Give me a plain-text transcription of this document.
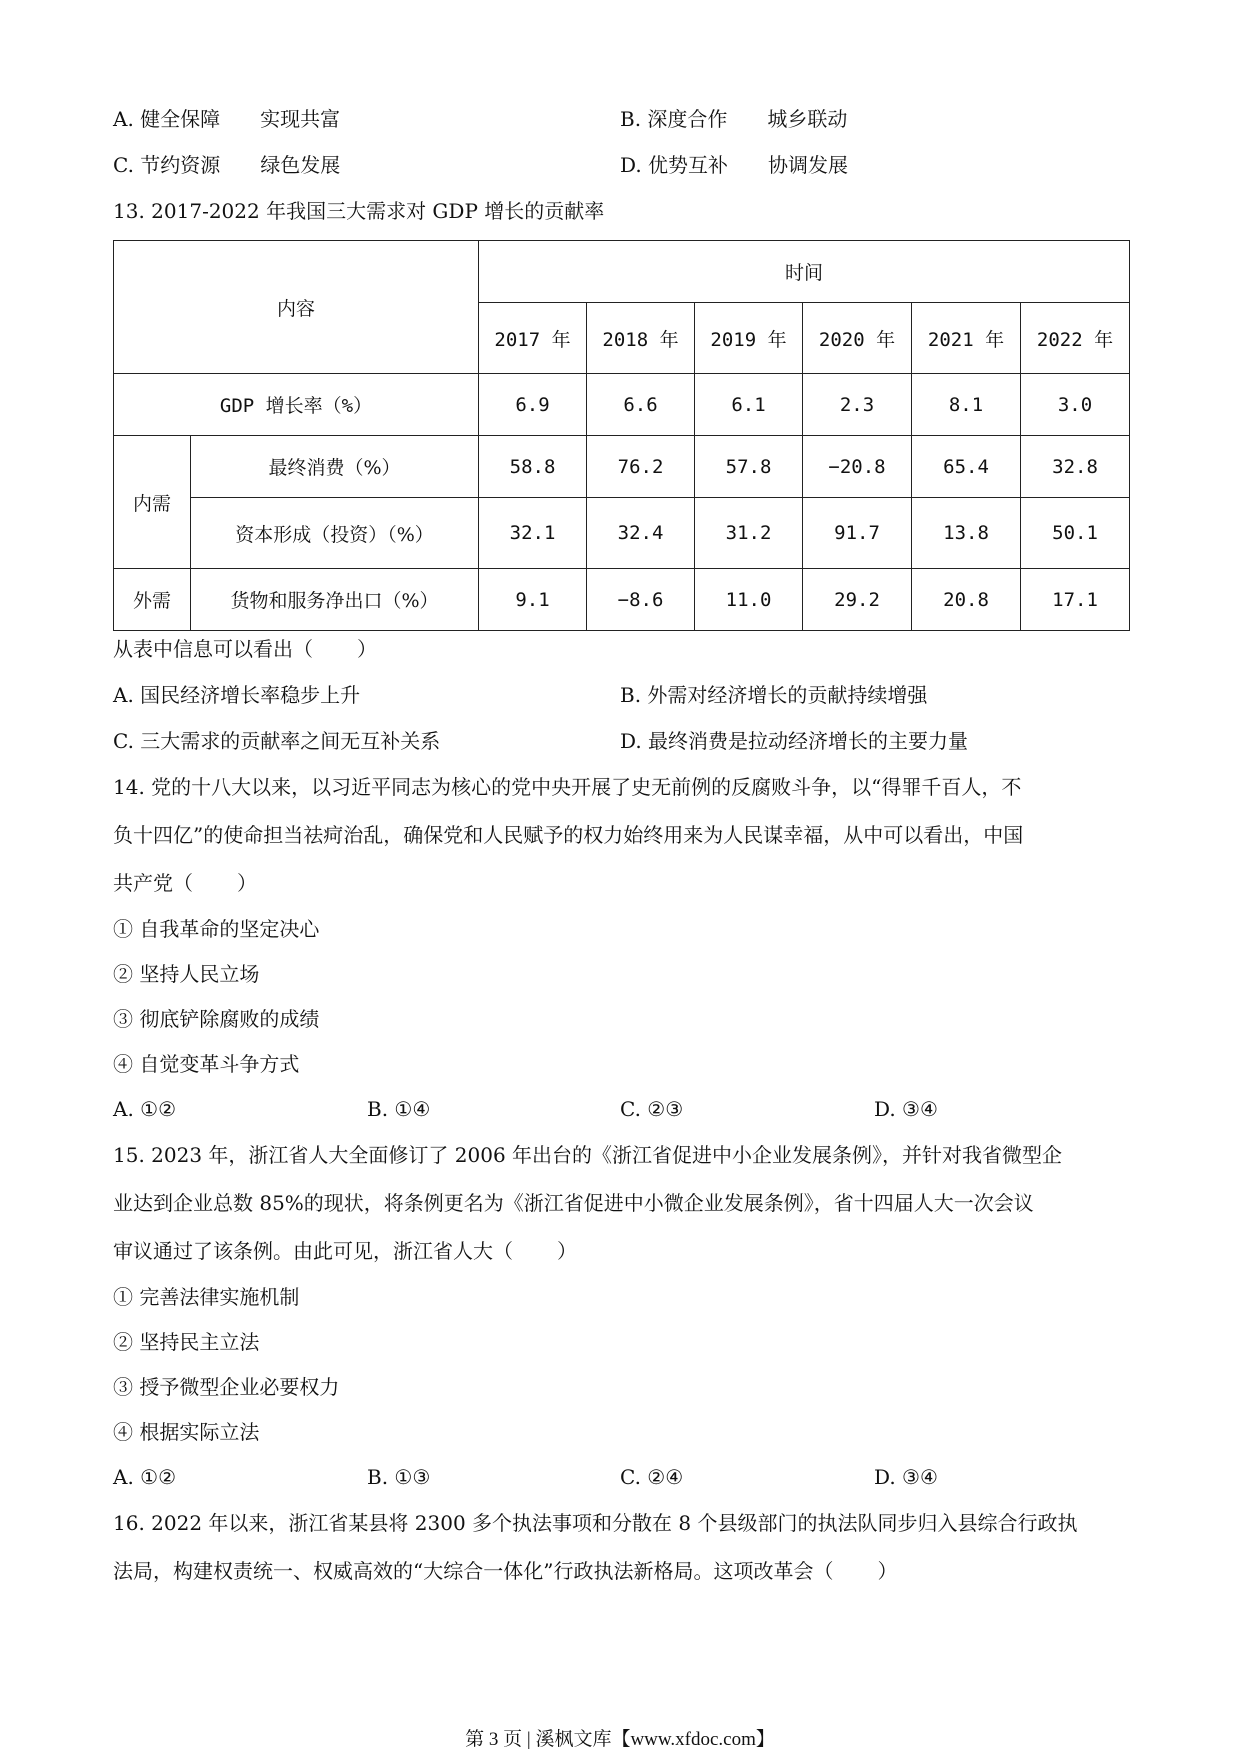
A. 健全保障 实现共富	B. 深度合作 城乡联动
C. 节约资源 绿色发展	D. 优势互补 协调发展
13. 2017-2022 年我国三大需求对 GDP 增长的贡献率
内容		时间					
		2017 年	2018 年	2019 年	2020 年	2021 年	2022 年
GDP 增长率（%）		6.9	6.6	6.1	2.3	8.1	3.0
内需	最终消费（%）	58.8	76.2	57.8	−20.8	65.4	32.8
	资本形成（投资）（%）	32.1	32.4	31.2	91.7	13.8	50.1
外需	货物和服务净出口（%）	9.1	−8.6	11.0	29.2	20.8	17.1
从表中信息可以看出（ ）
A. 国民经济增长率稳步上升	B. 外需对经济增长的贡献持续增强
C. 三大需求的贡献率之间无互补关系	D. 最终消费是拉动经济增长的主要力量
14. 党的十八大以来，以习近平同志为核心的党中央开展了史无前例的反腐败斗争，以“得罪千百人，不
负十四亿”的使命担当祛疴治乱，确保党和人民赋予的权力始终用来为人民谋幸福，从中可以看出，中国
共产党（ ）
① 自我革命的坚定决心
② 坚持人民立场
③ 彻底铲除腐败的成绩
④ 自觉变革斗争方式
A. ①②	B. ①④	C. ②③	D. ③④
15. 2023 年，浙江省人大全面修订了 2006 年出台的《浙江省促进中小企业发展条例》，并针对我省微型企
业达到企业总数 85%的现状，将条例更名为《浙江省促进中小微企业发展条例》，省十四届人大一次会议
审议通过了该条例。由此可见，浙江省人大（ ）
① 完善法律实施机制
② 坚持民主立法
③ 授予微型企业必要权力
④ 根据实际立法
A. ①②	B. ①③	C. ②④	D. ③④
16. 2022 年以来，浙江省某县将 2300 多个执法事项和分散在 8 个县级部门的执法队同步归入县综合行政执
法局，构建权责统一、权威高效的“大综合一体化”行政执法新格局。这项改革会（ ）
第 3 页 | 溪枫文库【www.xfdoc.com】
